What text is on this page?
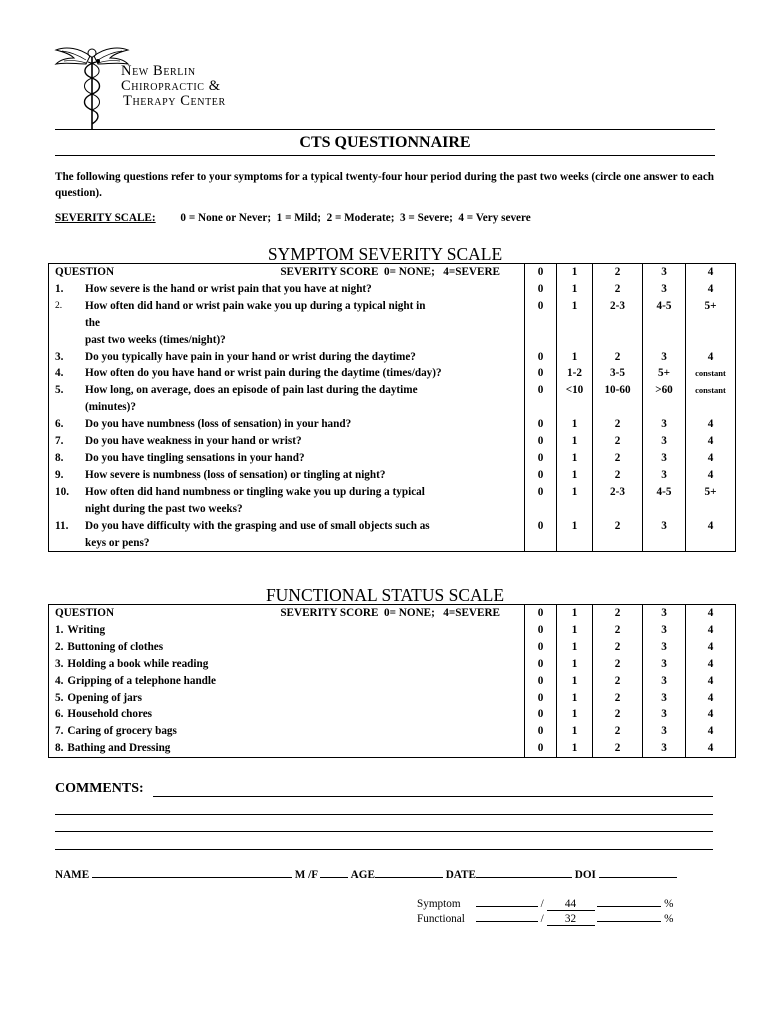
New Berlin
Chiropractic &
Therapy Center
CTS QUESTIONNAIRE
The following questions refer to your symptoms for a typical twenty-four hour period during the past two weeks (circle one answer to each question).
SEVERITY SCALE: 0 = None or Never;  1 = Mild;  2 = Moderate;  3 = Severe;  4 = Very severe
SYMPTOM SEVERITY SCALE
QUESTION SEVERITY SCORE  0= NONE;   4=SEVERE	0	1	2	3	4

1. How severe is the hand or wrist pain that you have at night?	0	1	2	3	4

2. How often did hand or wrist pain wake you up during a typical night in
the
past two weeks (times/night)?	0	1	2-3	4-5	5+

3. Do you typically have pain in your hand or wrist during the daytime?	0	1	2	3	4

4. How often do you have hand or wrist pain during the daytime (times/day)?	0	1-2	3-5	5+	constant

5. How long, on average, does an episode of pain last during the daytime
(minutes)?	0	<10	10-60	>60	constant

6. Do you have numbness (loss of sensation) in your hand?	0	1	2	3	4

7. Do you have weakness in your hand or wrist?	0	1	2	3	4

8. Do you have tingling sensations in your hand?	0	1	2	3	4

9. How severe is numbness (loss of sensation) or tingling at night?	0	1	2	3	4

10. How often did hand numbness or tingling wake you up during a typical
night during the past two weeks?	0	1	2-3	4-5	5+

11. Do you have difficulty with the grasping and use of small objects such as
keys or pens?	0	1	2	3	4
FUNCTIONAL STATUS SCALE
QUESTION SEVERITY SCORE  0= NONE;   4=SEVERE	0	1	2	3	4

1. Writing	0	1	2	3	4

2. Buttoning of clothes	0	1	2	3	4

3. Holding a book while reading	0	1	2	3	4

4. Gripping of a telephone handle	0	1	2	3	4

5. Opening of jars	0	1	2	3	4

6. Household chores	0	1	2	3	4

7. Caring of grocery bags	0	1	2	3	4

8. Bathing and Dressing	0	1	2	3	4
COMMENTS:
NAME	M /F	AGE	DATE	DOI
Symptom	/ 44	%
Functional	/ 32	%
